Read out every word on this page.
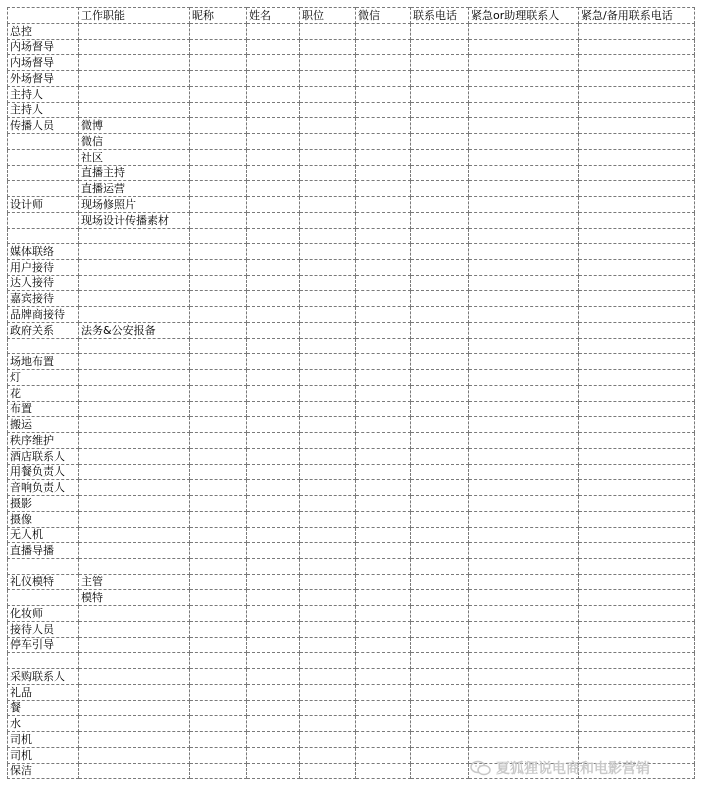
	工作职能	昵称	姓名	职位	微信	联系电话	紧急or助理联系人	紧急/备用联系电话
总控								
内场督导								
内场督导								
外场督导								
主持人								
主持人								
传播人员	微博							
	微信							
	社区							
	直播主持							
	直播运营							
设计师	现场修照片							
	现场设计传播素材							

媒体联络								
用户接待								
达人接待								
嘉宾接待								
品牌商接待								
政府关系	法务&公安报备							

场地布置								
灯								
花								
布置								
搬运								
秩序维护								
酒店联系人								
用餐负责人								
音响负责人								
摄影								
摄像								
无人机								
直播导播								

礼仪模特	主管							
	模特							
化妆师								
接待人员								
停车引导								

采购联系人								
礼品								
餐								
水								
司机								
司机								
保洁									夏狐狸说电商和电影营销
